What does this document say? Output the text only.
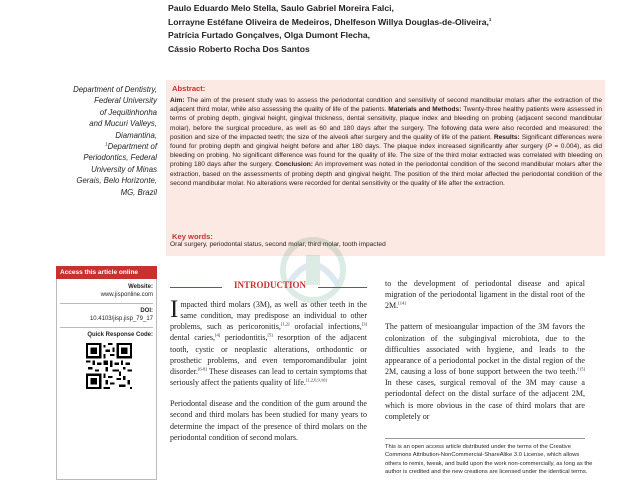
Paulo Eduardo Melo Stella, Saulo Gabriel Moreira Falci,
Lorrayne Estéfane Oliveira de Medeiros, Dhelfeson Willya Douglas-de-Oliveira,$^1$
Patrícia Furtado Gonçalves, Olga Dumont Flecha,
Cássio Roberto Rocha Dos Santos
Department of Dentistry,
Federal University
of Jequitinhonha
and Mucuri Valleys,
Diamantina,
$^1$Department of
Periodontics, Federal
University of Minas
Gerais, Belo Horizonte,
MG, Brazil
Abstract:
Aim: The aim of the present study was to assess the periodontal condition and sensitivity of second mandibular molars after the extraction of the adjacent third molar, while also assessing the quality of life of the patients. Materials and Methods: Twenty-three healthy patients were assessed in terms of probing depth, gingival height, gingival thickness, dental sensitivity, plaque index and bleeding on probing (adjacent second mandibular molar), before the surgical procedure, as well as 60 and 180 days after the surgery. The following data were also recorded and measured: the position and size of the impacted teeth; the size of the alveoli after surgery and the quality of life of the patient. Results: Significant differences were found for probing depth and gingival height before and after 180 days. The plaque index increased significantly after surgery (P = 0.004), as did bleeding on probing. No significant difference was found for the quality of life. The size of the third molar extracted was correlated with bleeding on probing 180 days after the surgery. Conclusion: An improvement was noted in the periodontal condition of the second mandibular molars after the extraction, based on the assessments of probing depth and gingival height. The position of the third molar affected the periodontal condition of the second mandibular molar. No alterations were recorded for dental sensitivity or the quality of life after the extraction.
Key words:
Oral surgery, periodontal status, second molar, third molar, tooth impacted
Access this article online
Website:
www.jisponline.com
DOI:
10.4103/jisp.jisp_79_17
Quick Response Code:
INTRODUCTION

Impacted third molars (3M), as well as other teeth in the same condition, may predispose an individual to other problems, such as pericoronitis,[1,2] orofacial infections,[3] dental caries,[4] periodontitis,[5] resorption of the adjacent tooth, cystic or neoplastic alterations, orthodontic or prosthetic problems, and even temporomandibular joint disorder.[6-8] These diseases can lead to certain symptoms that seriously affect the patients quality of life.[1,2,6,9,10]

Periodontal disease and the condition of the gum around the second and third molars has been studied for many years to determine the impact of the presence of third molars on the periodontal condition of second molars.

to the development of periodontal disease and apical migration of the periodontal ligament in the distal root of the 2M.[14]

The pattern of mesioangular impaction of the 3M favors the colonization of the subgingival microbiota, due to the difficulties associated with hygiene, and leads to the appearance of a periodontal pocket in the distal region of the 2M, causing a loss of bone support between the two teeth.[15] In these cases, surgical removal of the 3M may cause a periodontal defect on the distal surface of the adjacent 2M, which is more obvious in the case of third molars that are completely or

This is an open access article distributed under the terms of the Creative Commons Attribution-NonCommercial-ShareAlike 3.0 License, which allows others to remix, tweak, and build upon the work non-commercially, as long as the author is credited and the new creations are licensed under the identical terms.
